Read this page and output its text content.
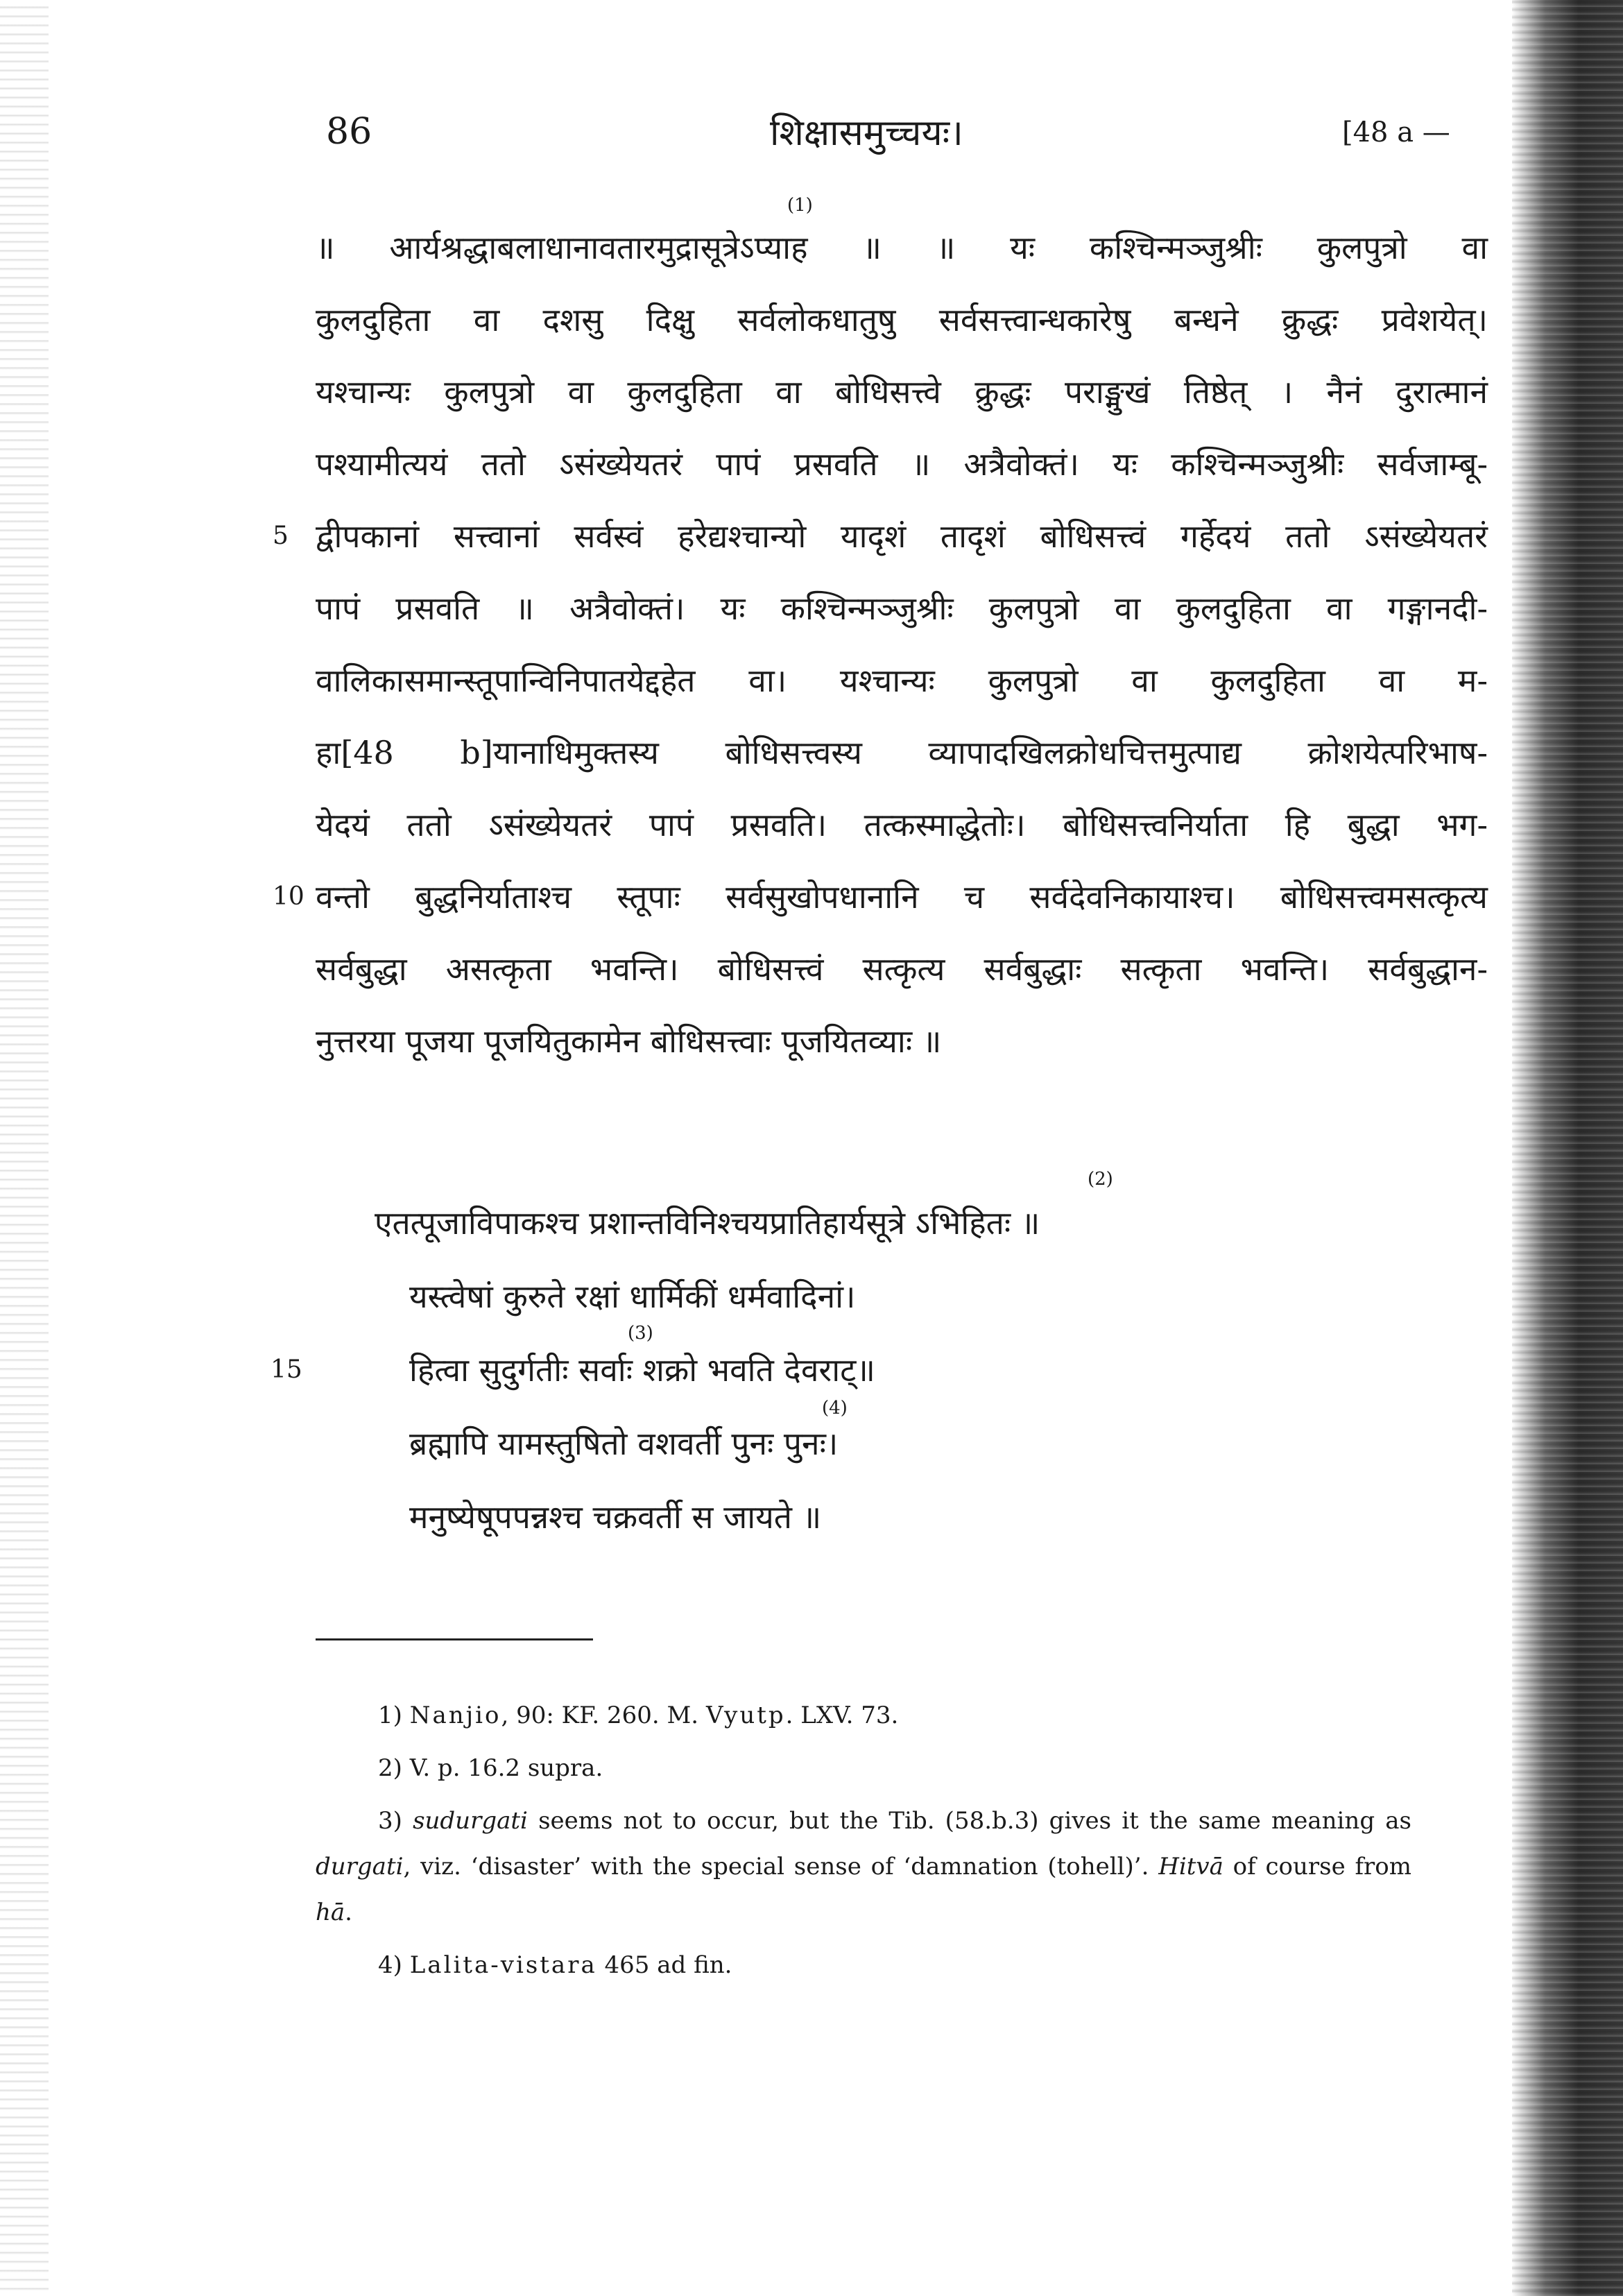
86	शिक्षासमुच्चयः।	[48 a —
॥ आर्यश्रद्धाबलाधानावतारमुद्रासूत्रेऽप्याह ॥ ॥ यः कश्चिन्मञ्जुश्रीः कुलपुत्रो वा
कुलदुहिता वा दशसु दिक्षु सर्वलोकधातुषु सर्वसत्त्वान्धकारेषु बन्धने क्रुद्धः प्रवेशयेत्।
यश्चान्यः कुलपुत्रो वा कुलदुहिता वा बोधिसत्त्वे क्रुद्धः पराङ्मुखं तिष्ठेत् । नैनं दुरात्मानं
पश्यामीत्ययं ततो ऽसंख्येयतरं पापं प्रसवति ॥ अत्रैवोक्तं। यः कश्चिन्मञ्जुश्रीः सर्वजाम्बू-
5 द्वीपकानां सत्त्वानां सर्वस्वं हरेद्यश्चान्यो यादृशं तादृशं बोधिसत्त्वं गर्हेदयं ततो ऽसंख्येयतरं
पापं प्रसवति ॥ अत्रैवोक्तं। यः कश्चिन्मञ्जुश्रीः कुलपुत्रो वा कुलदुहिता वा गङ्गानदी-
वालिकासमान्स्तूपान्विनिपातयेद्दहेत वा। यश्चान्यः कुलपुत्रो वा कुलदुहिता वा म-
हा[48 b]यानाधिमुक्तस्य बोधिसत्त्वस्य व्यापादखिलक्रोधचित्तमुत्पाद्य क्रोशयेत्परिभाष-
येदयं ततो ऽसंख्येयतरं पापं प्रसवति। तत्कस्माद्धेतोः। बोधिसत्त्वनिर्याता हि बुद्धा भग-
10 वन्तो बुद्धनिर्याताश्च स्तूपाः सर्वसुखोपधानानि च सर्वदेवनिकायाश्च। बोधिसत्त्वमसत्कृत्य
सर्वबुद्धा असत्कृता भवन्ति। बोधिसत्त्वं सत्कृत्य सर्वबुद्धाः सत्कृता भवन्ति। सर्वबुद्धान-
नुत्तरया पूजया पूजयितुकामेन बोधिसत्त्वाः पूजयितव्याः ॥
(1)
(2)
(3)
(4)
एतत्पूजाविपाकश्च प्रशान्तविनिश्चयप्रातिहार्यसूत्रे ऽभिहितः ॥
यस्त्वेषां कुरुते रक्षां धार्मिकीं धर्मवादिनां।
15	हित्वा सुदुर्गतीः सर्वाः शक्रो भवति देवराट्॥
ब्रह्मापि यामस्तुषितो वशवर्ती पुनः पुनः।
मनुष्येषूपपन्नश्च चक्रवर्ती स जायते ॥
1) Nanjio, 90: KF. 260. M. Vyutp. LXV. 73.
2) V. p. 16.2 supra.
3) sudurgati seems not to occur, but the Tib. (58.b.3) gives it the same meaning as durgati, viz. ‘disaster’ with the special sense of ‘damnation (tohell)’. Hitvā of course from hā.
4) Lalita-vistara 465 ad fin.
